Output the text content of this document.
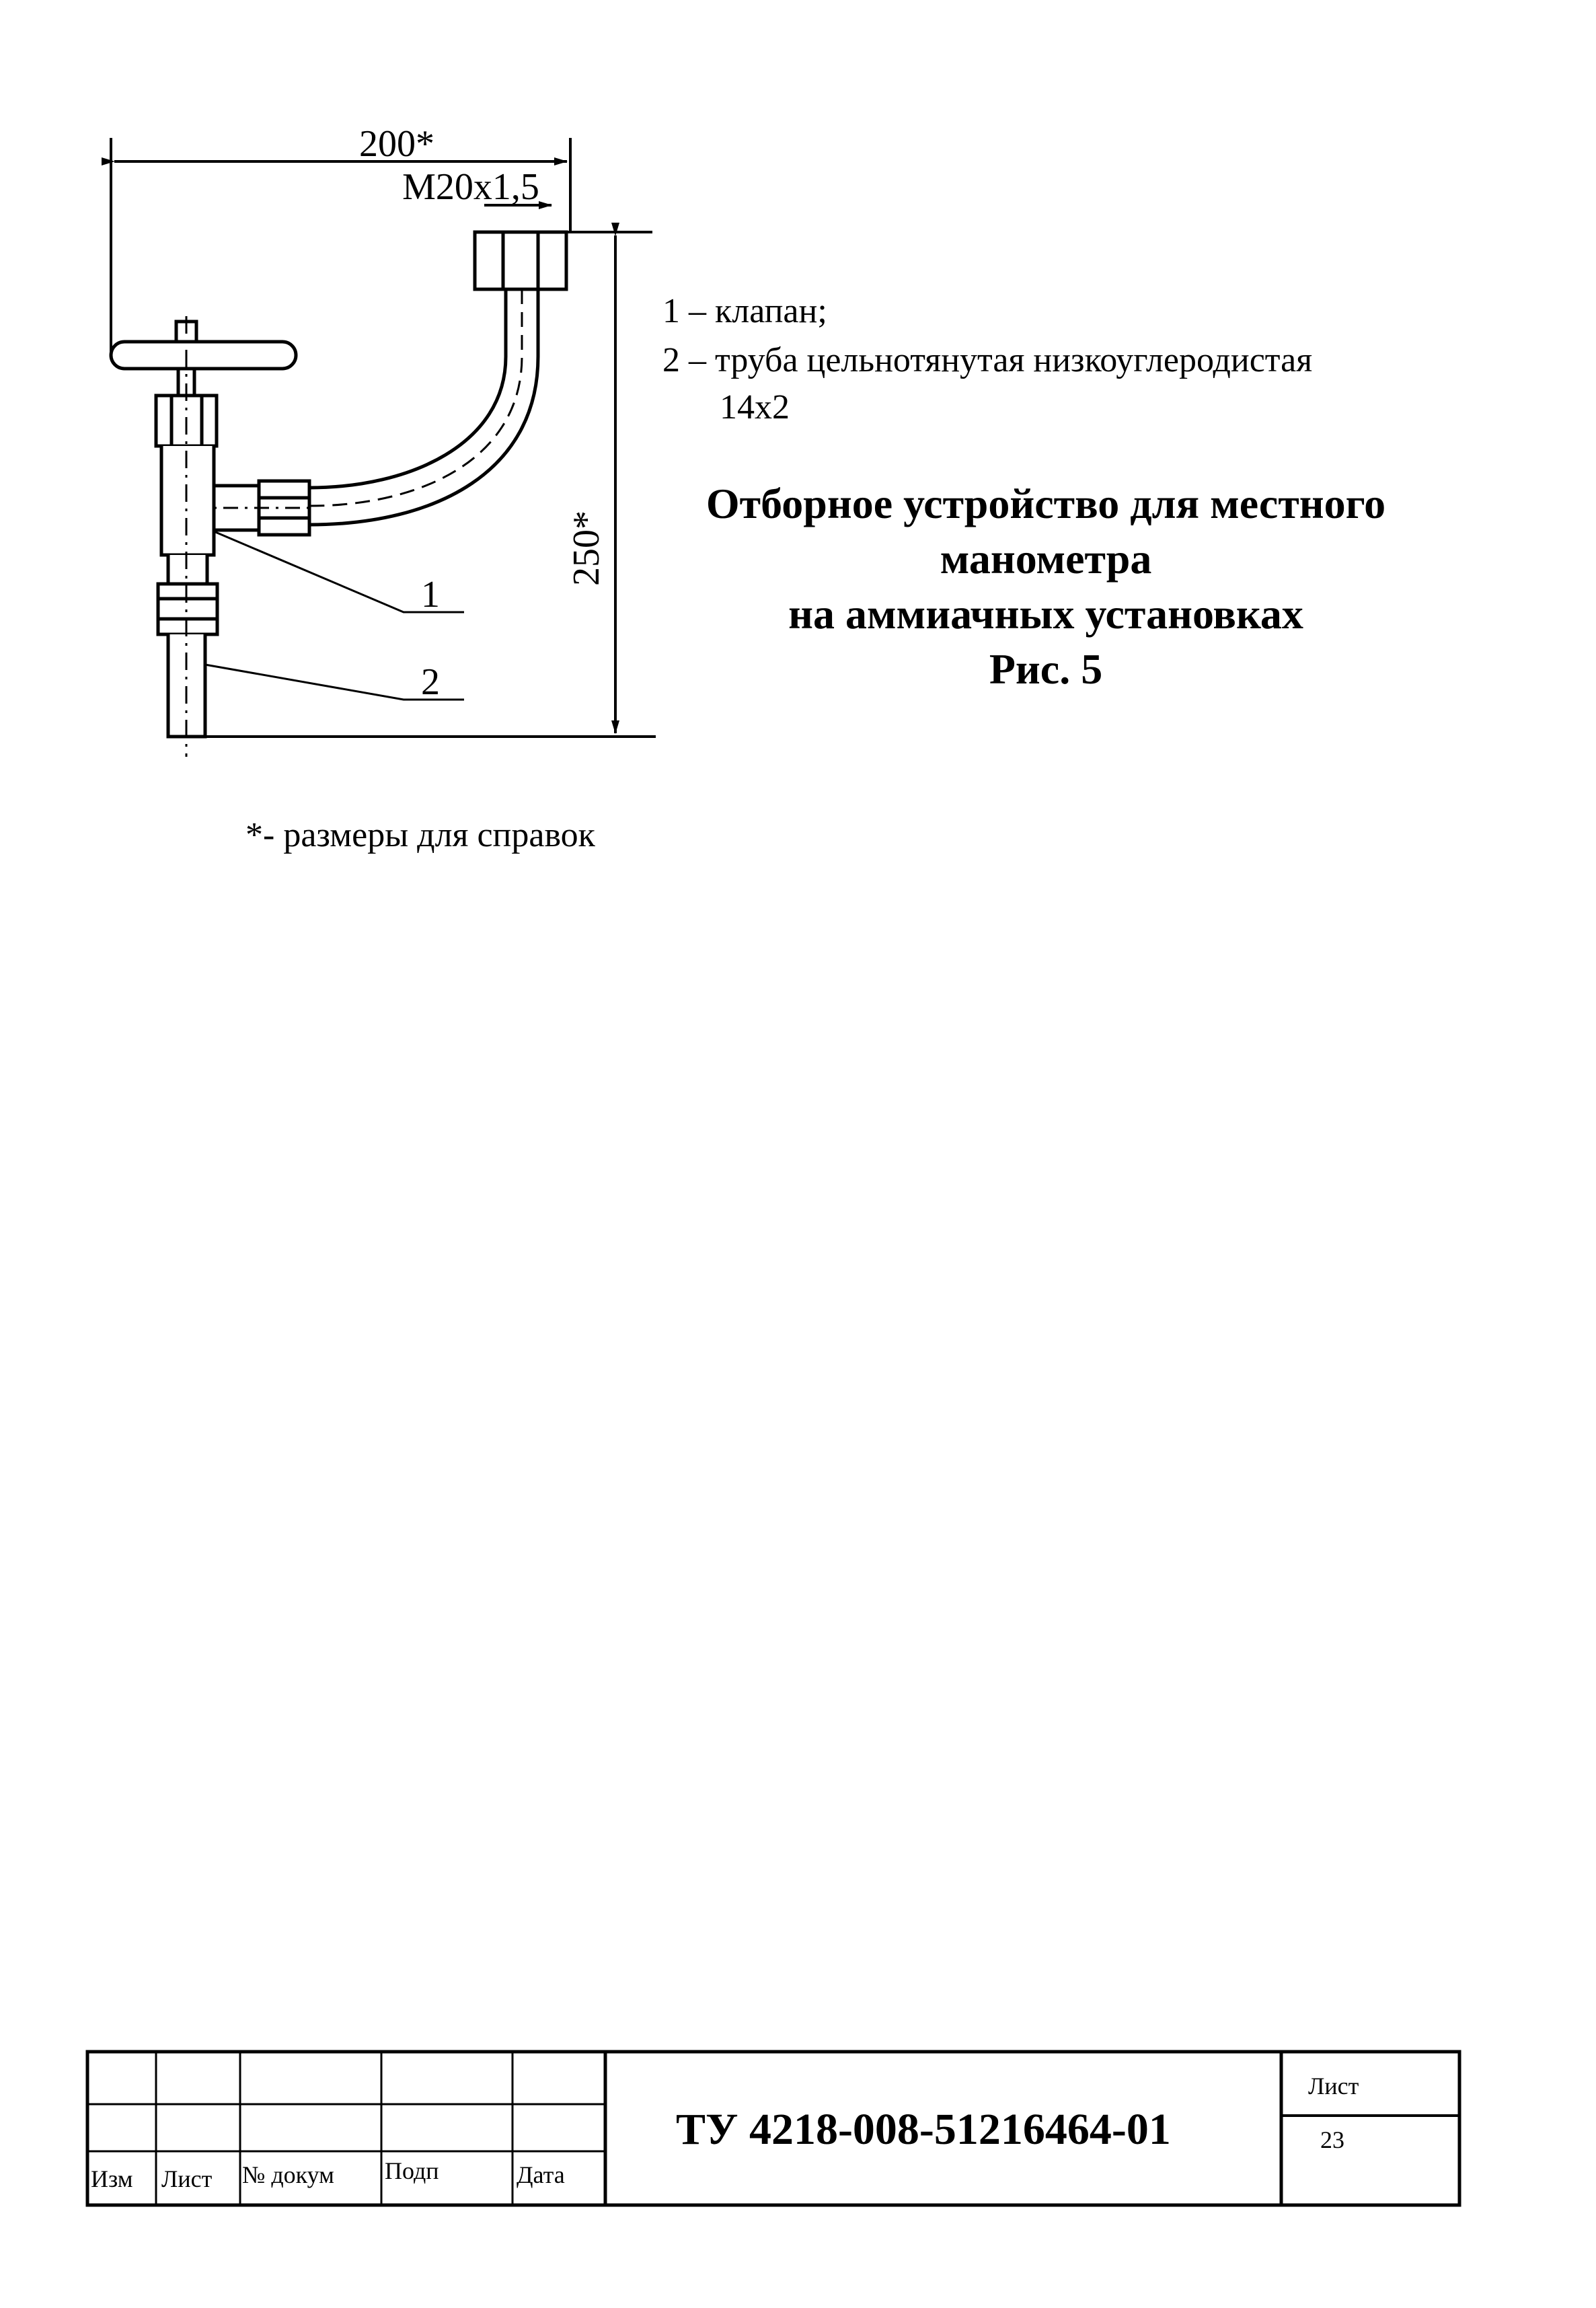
200*
M20x1,5
250*
1
2
1 – клапан;
2 – труба цельнотянутая низкоуглеродистая
14х2
Отборное устройство для местного
манометра
на аммиачных установках
Рис. 5
*- размеры для справок
Изм Лист № докум Подп	Дата
ТУ 4218-008-51216464-01
Лист
23
